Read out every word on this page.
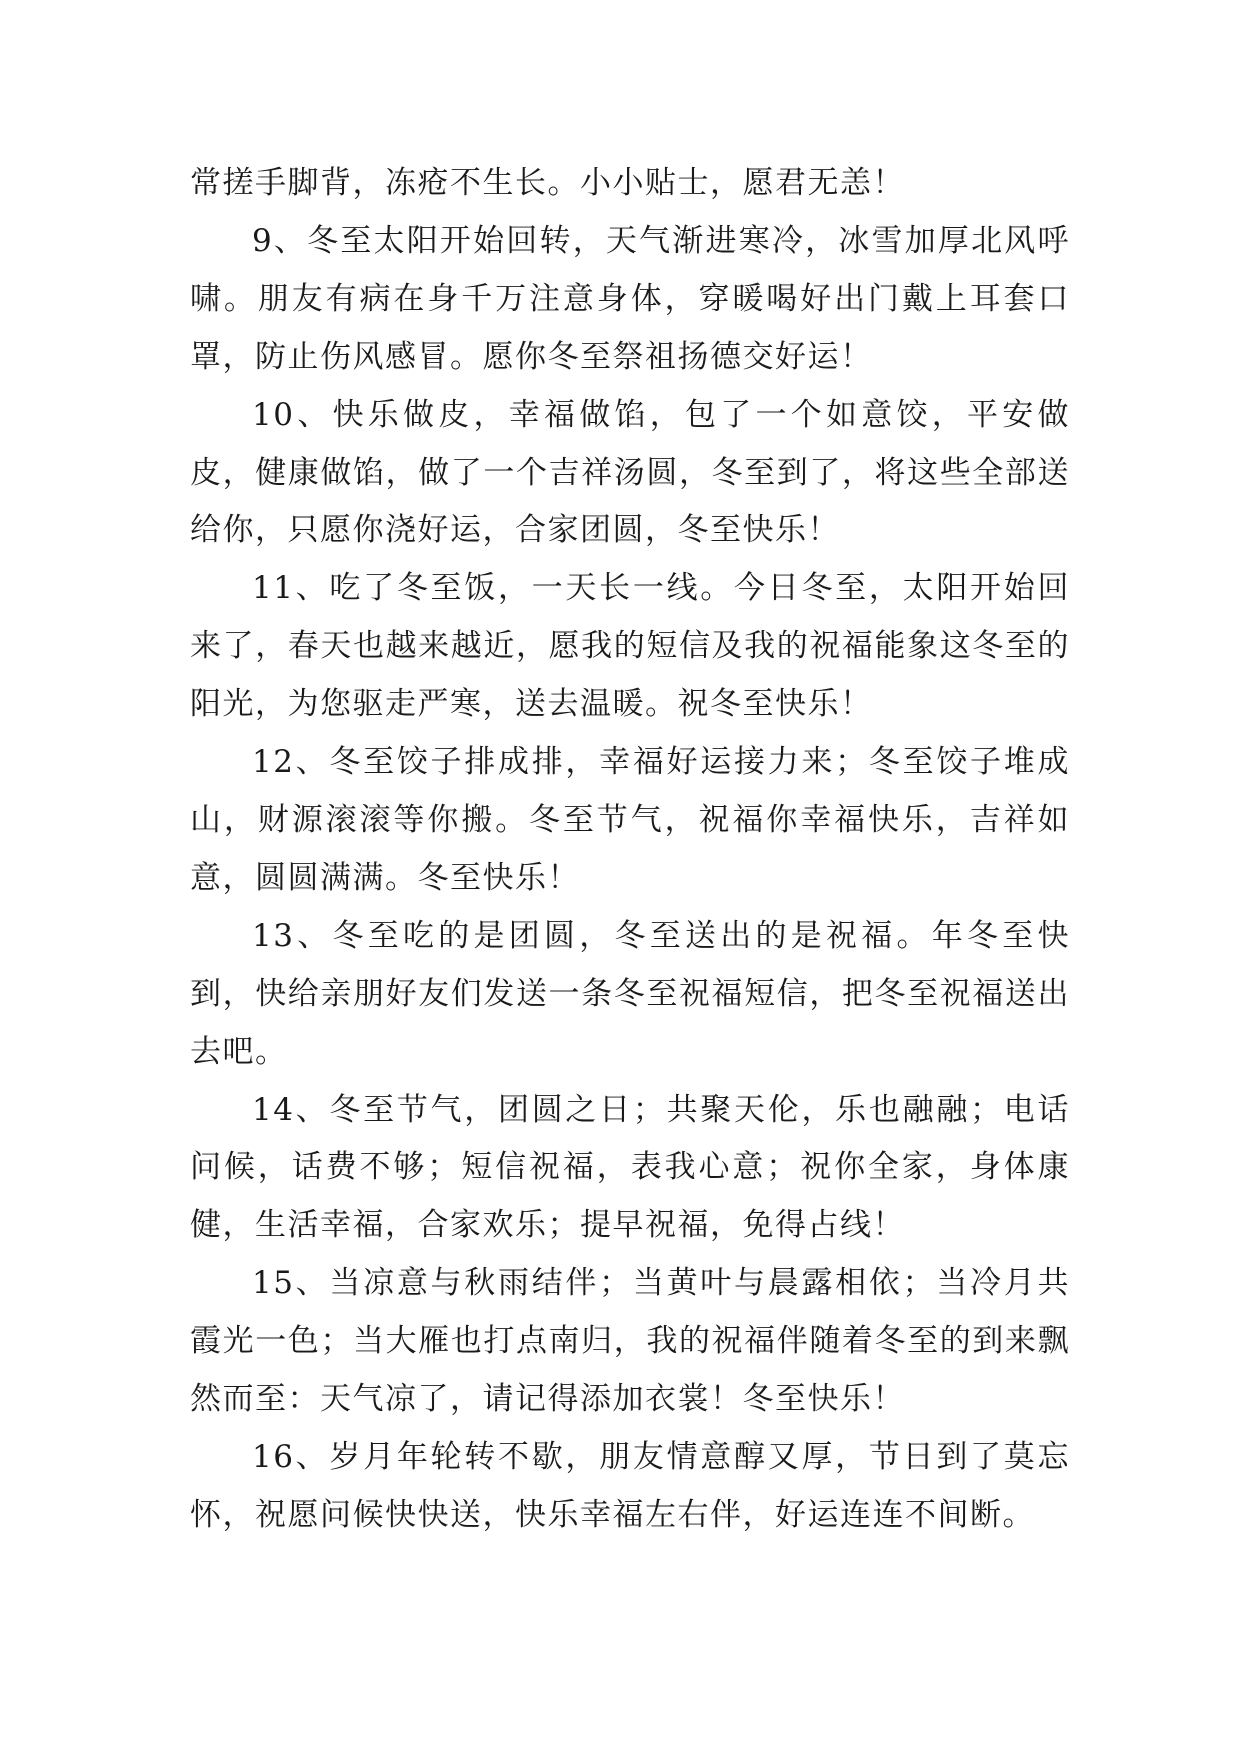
常搓手脚背，冻疮不生长。小小贴士，愿君无恙！

9、冬至太阳开始回转，天气渐进寒冷，冰雪加厚北风呼啸。朋友有病在身千万注意身体，穿暖喝好出门戴上耳套口罩，防止伤风感冒。愿你冬至祭祖扬德交好运！

10、快乐做皮，幸福做馅，包了一个如意饺，平安做皮，健康做馅，做了一个吉祥汤圆，冬至到了，将这些全部送给你，只愿你浇好运，合家团圆，冬至快乐！

11、吃了冬至饭，一天长一线。今日冬至，太阳开始回来了，春天也越来越近，愿我的短信及我的祝福能象这冬至的阳光，为您驱走严寒，送去温暖。祝冬至快乐！

12、冬至饺子排成排，幸福好运接力来；冬至饺子堆成山，财源滚滚等你搬。冬至节气，祝福你幸福快乐，吉祥如意，圆圆满满。冬至快乐！

13、冬至吃的是团圆，冬至送出的是祝福。年冬至快到，快给亲朋好友们发送一条冬至祝福短信，把冬至祝福送出去吧。

14、冬至节气，团圆之日；共聚天伦，乐也融融；电话问候，话费不够；短信祝福，表我心意；祝你全家，身体康健，生活幸福，合家欢乐；提早祝福，免得占线！

15、当凉意与秋雨结伴；当黄叶与晨露相依；当冷月共霞光一色；当大雁也打点南归，我的祝福伴随着冬至的到来飘然而至：天气凉了，请记得添加衣裳！冬至快乐！

16、岁月年轮转不歇，朋友情意醇又厚，节日到了莫忘怀，祝愿问候快快送，快乐幸福左右伴，好运连连不间断。
